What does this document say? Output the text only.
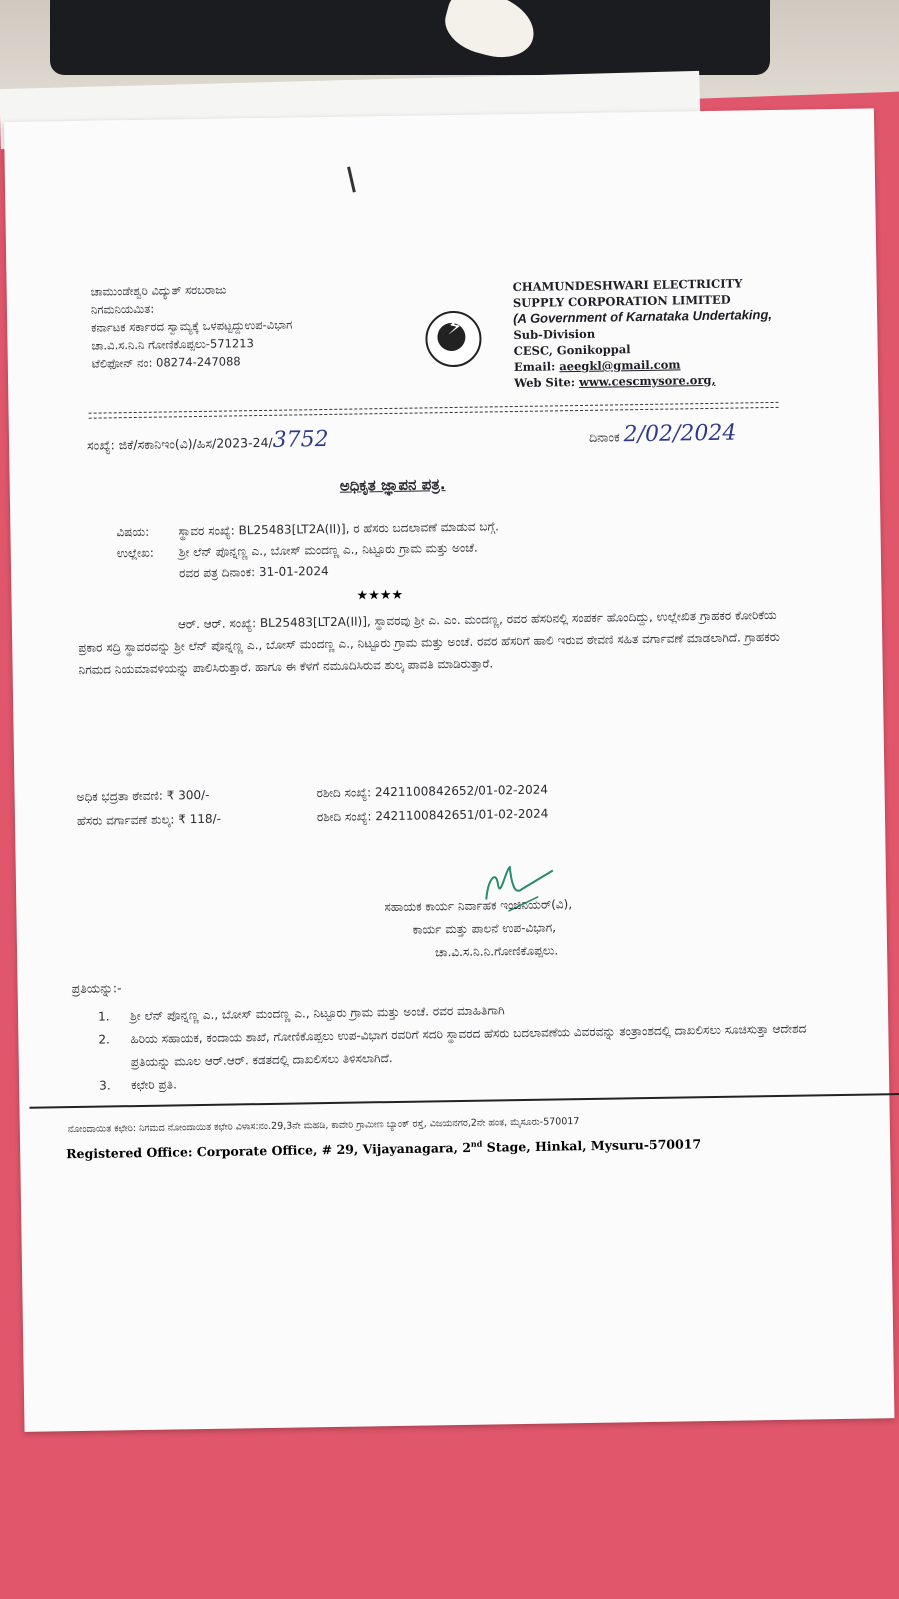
ಚಾಮುಂಡೇಶ್ವರಿ ವಿದ್ಯುತ್ ಸರಬರಾಜು
ನಿಗಮನಿಯಮಿತ:
ಕರ್ನಾಟಕ ಸರ್ಕಾರದ ಸ್ವಾಮ್ಯಕ್ಕೆ ಒಳಪಟ್ಟದ್ದುಉಪ-ವಿಭಾಗ
ಚಾ.ವಿ.ಸ.ನಿ.ನಿ ಗೋಣಿಕೊಪ್ಪಲು-571213
ಟೆಲಿಫೋನ್ ನಂ: 08274-247088
⚡
CHAMUNDESHWARI ELECTRICITY
SUPPLY CORPORATION LIMITED
(A Government of Karnataka Undertaking,
Sub-Division
CESC, Gonikoppal
Email: aeegkl@gmail.com
Web Site: www.cescmysore.org,
ಸಂಖ್ಯೆ: ಜಿಕೆ/ಸಕಾನಿಇಂ(ವಿ)/ಹಿಸ/2023-24/3752	ದಿನಾಂಕ 2/02/2024
ಅಧಿಕೃತ ಜ್ಞಾಪನ ಪತ್ರ.
ವಿಷಯ: ಸ್ಥಾವರ ಸಂಖ್ಯೆ: BL25483[LT2A(II)], ರ ಹೆಸರು ಬದಲಾವಣೆ ಮಾಡುವ ಬಗ್ಗೆ.
ಉಲ್ಲೇಖ: ಶ್ರೀ ಲೆನ್ ಪೊನ್ನಣ್ಣ ಎ., ಬೋಸ್ ಮಂದಣ್ಣ ಎ., ನಿಟ್ಟೂರು ಗ್ರಾಮ ಮತ್ತು ಅಂಚೆ.
ರವರ ಪತ್ರ ದಿನಾಂಕ: 31-01-2024
★★★★
ಆರ್. ಆರ್. ಸಂಖ್ಯೆ: BL25483[LT2A(II)], ಸ್ಥಾವರವು ಶ್ರೀ ಎ. ಎಂ. ಮಂದಣ್ಣ, ರವರ ಹೆಸರಿನಲ್ಲಿ ಸಂಪರ್ಕ ಹೊಂದಿದ್ದು, ಉಲ್ಲೇಖಿತ ಗ್ರಾಹಕರ ಕೋರಿಕೆಯ ಪ್ರಕಾರ ಸದ್ರಿ ಸ್ಥಾವರವನ್ನು ಶ್ರೀ ಲೆನ್ ಪೊನ್ನಣ್ಣ ಎ., ಬೋಸ್ ಮಂದಣ್ಣ ಎ., ನಿಟ್ಟೂರು ಗ್ರಾಮ ಮತ್ತು ಅಂಚೆ. ರವರ ಹೆಸರಿಗೆ ಹಾಲಿ ಇರುವ ಠೇವಣಿ ಸಹಿತ ವರ್ಗಾವಣೆ ಮಾಡಲಾಗಿದೆ. ಗ್ರಾಹಕರು ನಿಗಮದ ನಿಯಮಾವಳಿಯನ್ನು ಪಾಲಿಸಿರುತ್ತಾರೆ. ಹಾಗೂ ಈ ಕೆಳಗೆ ನಮೂದಿಸಿರುವ ಶುಲ್ಕ ಪಾವತಿ ಮಾಡಿರುತ್ತಾರೆ.
ಅಧಿಕ ಭದ್ರತಾ ಠೇವಣಿ: ₹ 300/-	ರಶೀದಿ ಸಂಖ್ಯೆ: 2421100842652/01-02-2024
ಹೆಸರು ವರ್ಗಾವಣೆ ಶುಲ್ಕ: ₹ 118/-	ರಶೀದಿ ಸಂಖ್ಯೆ: 2421100842651/01-02-2024
ಸಹಾಯಕ ಕಾರ್ಯ ನಿರ್ವಾಹಕ ಇಂಜಿನಿಯರ್(ವಿ),
ಕಾರ್ಯ ಮತ್ತು ಪಾಲನೆ ಉಪ-ವಿಭಾಗ,
ಚಾ.ವಿ.ಸ.ನಿ.ನಿ.ಗೋಣಿಕೊಪ್ಪಲು.
ಪ್ರತಿಯನ್ನು:-
1.	ಶ್ರೀ ಲೆನ್ ಪೊನ್ನಣ್ಣ ಎ., ಬೋಸ್ ಮಂದಣ್ಣ ಎ., ನಿಟ್ಟೂರು ಗ್ರಾಮ ಮತ್ತು ಅಂಚೆ. ರವರ ಮಾಹಿತಿಗಾಗಿ
2.	ಹಿರಿಯ ಸಹಾಯಕ, ಕಂದಾಯ ಶಾಖೆ, ಗೋಣಿಕೊಪ್ಪಲು ಉಪ-ವಿಭಾಗ ರವರಿಗೆ ಸದರಿ ಸ್ಥಾವರದ ಹೆಸರು ಬದಲಾವಣೆಯ ವಿವರವನ್ನು ತಂತ್ರಾಂಶದಲ್ಲಿ ದಾಖಲಿಸಲು ಸೂಚಿಸುತ್ತಾ ಆದೇಶದ ಪ್ರತಿಯನ್ನು ಮೂಲ ಆರ್.ಆರ್. ಕಡತದಲ್ಲಿ ದಾಖಲಿಸಲು ತಿಳಿಸಲಾಗಿದೆ.
3.	ಕಛೇರಿ ಪ್ರತಿ.
ನೋಂದಾಯಿತ ಕಛೇರಿ: ನಿಗಮದ ನೋಂದಾಯಿತ ಕಛೇರಿ ವಿಳಾಸ:ನಂ.29,3ನೇ ಮಹಡಿ, ಕಾವೇರಿ ಗ್ರಾಮೀಣ ಬ್ಯಾಂಕ್ ರಸ್ತೆ, ವಿಜಯನಗರ,2ನೇ ಹಂತ, ಮೈಸೂರು-570017
Registered Office: Corporate Office, # 29, Vijayanagara, 2nd Stage, Hinkal, Mysuru-570017
